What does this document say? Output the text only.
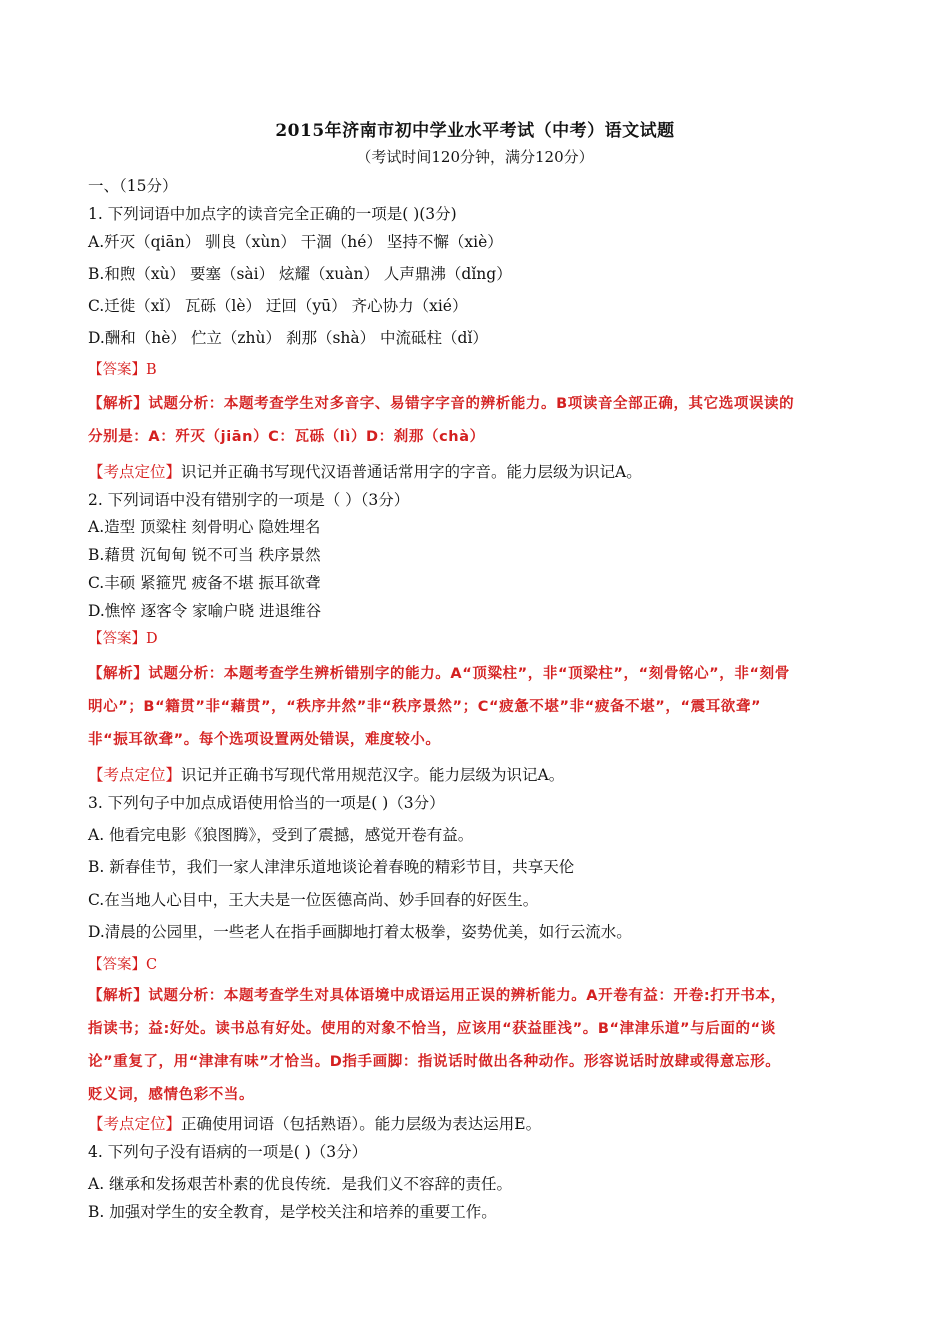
2015年济南市初中学业水平考试（中考）语文试题
（考试时间120分钟，满分120分）
一、（15分）
1. 下列词语中加点字的读音完全正确的一项是( )(3分)
A.歼灭（qiān） 驯良（xùn） 干涸（hé） 坚持不懈（xiè）
B.和煦（xù） 要塞（sài） 炫耀（xuàn） 人声鼎沸（dǐng）
C.迁徙（xǐ） 瓦砾（lè） 迂回（yū） 齐心协力（xié）
D.酬和（hè） 伫立（zhù） 刹那（shà） 中流砥柱（dǐ）
【答案】B
【解析】试题分析：本题考查学生对多音字、易错字字音的辨析能力。B项读音全部正确，其它选项误读的
分别是：A：歼灭（jiān）C：瓦砾（lì）D：刹那（chà）
【考点定位】识记并正确书写现代汉语普通话常用字的字音。能力层级为识记A。
2. 下列词语中没有错别字的一项是（ ）（3分）
A.造型 顶粱柱 刻骨明心 隐姓埋名
B.藉贯 沉甸甸 锐不可当 秩序景然
C.丰硕 紧箍咒 疲备不堪 振耳欲聋
D.憔悴 逐客令 家喻户晓 进退维谷
【答案】D
【解析】试题分析：本题考查学生辨析错别字的能力。A“顶粱柱”，非“顶梁柱”，“刻骨铭心”，非“刻骨
明心”；B“籍贯”非“藉贯”，“秩序井然”非“秩序景然”；C“疲惫不堪”非“疲备不堪”，“震耳欲聋”
非“振耳欲聋”。每个选项设置两处错误，难度较小。
【考点定位】识记并正确书写现代常用规范汉字。能力层级为识记A。
3. 下列句子中加点成语使用恰当的一项是( )（3分）
A. 他看完电影《狼图腾》，受到了震撼，感觉开卷有益。
B. 新春佳节，我们一家人津津乐道地谈论着春晚的精彩节目，共享天伦
C.在当地人心目中，王大夫是一位医德高尚、妙手回春的好医生。
D.清晨的公园里，一些老人在指手画脚地打着太极拳，姿势优美，如行云流水。
【答案】C
【解析】试题分析：本题考查学生对具体语境中成语运用正误的辨析能力。A开卷有益：开卷:打开书本，
指读书；益:好处。读书总有好处。使用的对象不恰当，应该用“获益匪浅”。B“津津乐道”与后面的“谈
论”重复了，用“津津有味”才恰当。D指手画脚：指说话时做出各种动作。形容说话时放肆或得意忘形。
贬义词，感情色彩不当。
【考点定位】正确使用词语（包括熟语）。能力层级为表达运用E。
4. 下列句子没有语病的一项是( )（3分）
A. 继承和发扬艰苦朴素的优良传统．是我们义不容辞的责任。
B. 加强对学生的安全教育，是学校关注和培养的重要工作。
